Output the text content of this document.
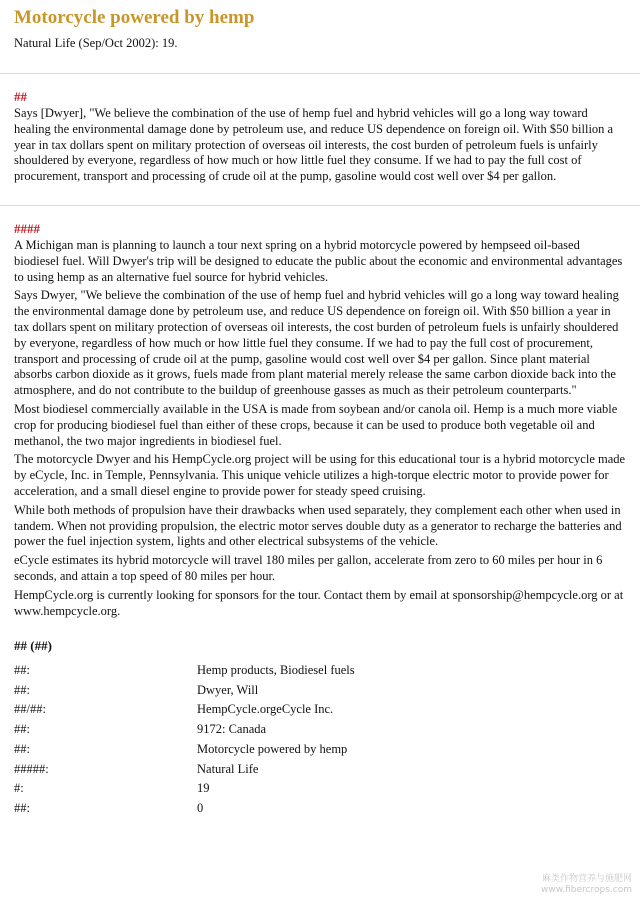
Motorcycle powered by hemp
Natural Life (Sep/Oct 2002): 19.
##

Says [Dwyer], "We believe the combination of the use of hemp fuel and hybrid vehicles will go a long way toward healing the environmental damage done by petroleum use, and reduce US dependence on foreign oil. With $50 billion a year in tax dollars spent on military protection of overseas oil interests, the cost burden of petroleum fuels is unfairly shouldered by everyone, regardless of how much or how little fuel they consume. If we had to pay the full cost of procurement, transport and processing of crude oil at the pump, gasoline would cost well over $4 per gallon.

####

A Michigan man is planning to launch a tour next spring on a hybrid motorcycle powered by hempseed oil-based biodiesel fuel. Will Dwyer's trip will be designed to educate the public about the economic and environmental advantages to using hemp as an alternative fuel source for hybrid vehicles.

Says Dwyer, "We believe the combination of the use of hemp fuel and hybrid vehicles will go a long way toward healing the environmental damage done by petroleum use, and reduce US dependence on foreign oil. With $50 billion a year in tax dollars spent on military protection of overseas oil interests, the cost burden of petroleum fuels is unfairly shouldered by everyone, regardless of how much or how little fuel they consume. If we had to pay the full cost of procurement, transport and processing of crude oil at the pump, gasoline would cost well over $4 per gallon. Since plant material absorbs carbon dioxide as it grows, fuels made from plant material merely release the same carbon dioxide back into the atmosphere, and do not contribute to the buildup of greenhouse gasses as much as their petroleum counterparts."

Most biodiesel commercially available in the USA is made from soybean and/or canola oil. Hemp is a much more viable crop for producing biodiesel fuel than either of these crops, because it can be used to produce both vegetable oil and methanol, the two major ingredients in biodiesel fuel.

The motorcycle Dwyer and his HempCycle.org project will be using for this educational tour is a hybrid motorcycle made by eCycle, Inc. in Temple, Pennsylvania. This unique vehicle utilizes a high-torque electric motor to provide power for acceleration, and a small diesel engine to provide power for steady speed cruising.

While both methods of propulsion have their drawbacks when used separately, they complement each other when used in tandem. When not providing propulsion, the electric motor serves double duty as a generator to recharge the batteries and power the fuel injection system, lights and other electrical subsystems of the vehicle.

eCycle estimates its hybrid motorcycle will travel 180 miles per gallon, accelerate from zero to 60 miles per hour in 6 seconds, and attain a top speed of 80 miles per hour.

HempCycle.org is currently looking for sponsors for the tour. Contact them by email at sponsorship@hempcycle.org or at www.hempcycle.org.

## (##)
##:	Hemp products, Biodiesel fuels
##:	Dwyer, Will
##/##:	HempCycle.orgeCycle Inc.
##:	9172: Canada
##:	Motorcycle powered by hemp
#####:	Natural Life
#:	19
##:	0
麻类作物营养与施肥网
www.fibercrops.com
